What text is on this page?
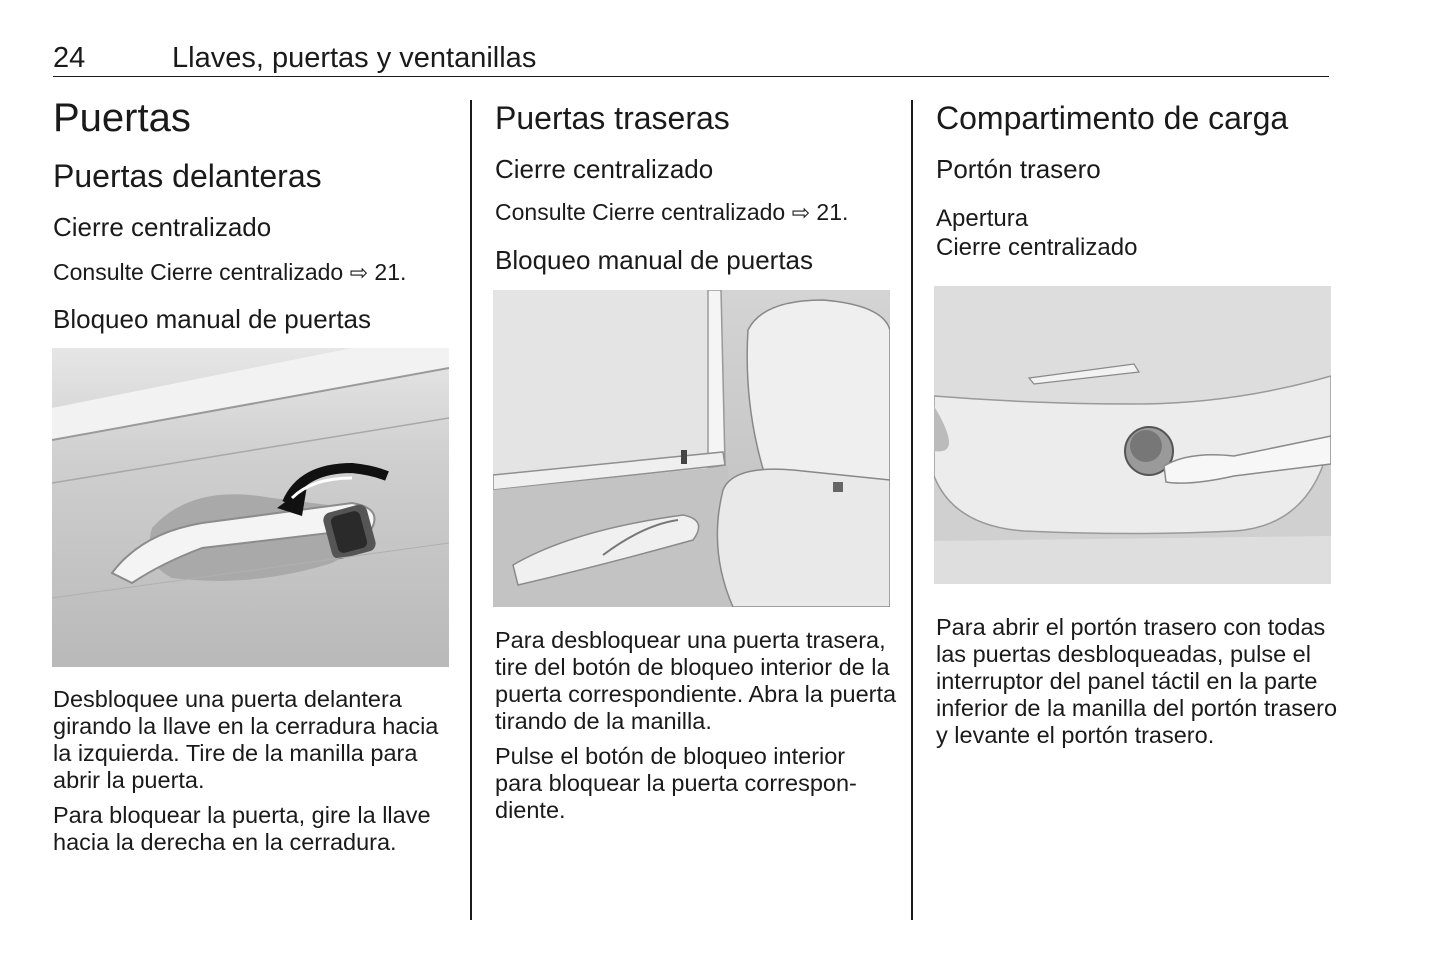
24	Llaves, puertas y ventanillas
Puertas
Puertas delanteras
Cierre centralizado
Consulte Cierre centralizado ⇨ 21.
Bloqueo manual de puertas
Desbloquee una puerta delantera girando la llave en la cerradura hacia la izquierda. Tire de la manilla para abrir la puerta.
Para bloquear la puerta, gire la llave hacia la derecha en la cerradura.
Puertas traseras
Cierre centralizado
Consulte Cierre centralizado ⇨ 21.
Bloqueo manual de puertas
Para desbloquear una puerta trasera, tire del botón de bloqueo interior de la puerta correspondiente. Abra la puerta tirando de la manilla.
Pulse el botón de bloqueo interior para bloquear la puerta correspon-diente.
Compartimento de carga
Portón trasero
Apertura
Cierre centralizado
Para abrir el portón trasero con todas las puertas desbloqueadas, pulse el interruptor del panel táctil en la parte inferior de la manilla del portón trasero y levante el portón trasero.
